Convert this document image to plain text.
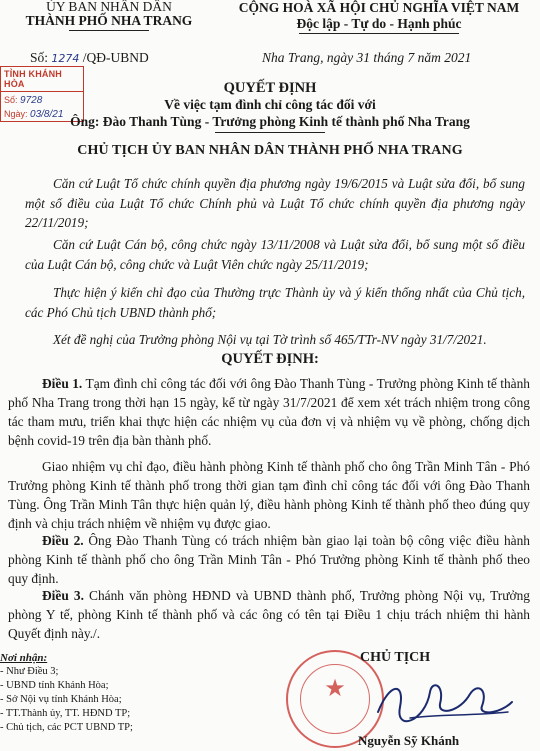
ỦY BAN NHÂN DÂN
THÀNH PHỐ NHA TRANG
CỘNG HOÀ XÃ HỘI CHỦ NGHĨA VIỆT NAM
Độc lập - Tự do - Hạnh phúc
Số: 1274 /QĐ-UBND	Nha Trang, ngày 31 tháng 7 năm 2021
TỈNH KHÁNH HÒA
Số: 9728
Ngày: 03/8/21
QUYẾT ĐỊNH
Về việc tạm đình chỉ công tác đối với
Ông: Đào Thanh Tùng - Trưởng phòng Kinh tế thành phố Nha Trang
CHỦ TỊCH ỦY BAN NHÂN DÂN THÀNH PHỐ NHA TRANG
Căn cứ Luật Tổ chức chính quyền địa phương ngày 19/6/2015 và Luật sửa đổi, bổ sung một số điều của Luật Tổ chức Chính phủ và Luật Tổ chức chính quyền địa phương ngày 22/11/2019;
Căn cứ Luật Cán bộ, công chức ngày 13/11/2008 và Luật sửa đổi, bổ sung một số điều của Luật Cán bộ, công chức và Luật Viên chức ngày 25/11/2019;
Thực hiện ý kiến chỉ đạo của Thường trực Thành ủy và ý kiến thống nhất của Chủ tịch, các Phó Chủ tịch UBND thành phố;
Xét đề nghị của Trưởng phòng Nội vụ tại Tờ trình số 465/TTr-NV ngày 31/7/2021.
QUYẾT ĐỊNH:
Điều 1. Tạm đình chỉ công tác đối với ông Đào Thanh Tùng - Trưởng phòng Kinh tế thành phố Nha Trang trong thời hạn 15 ngày, kể từ ngày 31/7/2021 để xem xét trách nhiệm trong công tác tham mưu, triển khai thực hiện các nhiệm vụ của đơn vị và nhiệm vụ về phòng, chống dịch bệnh covid-19 trên địa bàn thành phố.
Giao nhiệm vụ chỉ đạo, điều hành phòng Kinh tế thành phố cho ông Trần Minh Tân - Phó Trưởng phòng Kinh tế thành phố trong thời gian tạm đình chỉ công tác đối với ông Đào Thanh Tùng. Ông Trần Minh Tân thực hiện quản lý, điều hành phòng Kinh tế thành phố theo đúng quy định và chịu trách nhiệm về nhiệm vụ được giao.
Điều 2. Ông Đào Thanh Tùng có trách nhiệm bàn giao lại toàn bộ công việc điều hành phòng Kinh tế thành phố cho ông Trần Minh Tân - Phó Trưởng phòng Kinh tế thành phố theo quy định.
Điều 3. Chánh văn phòng HĐND và UBND thành phố, Trưởng phòng Nội vụ, Trưởng phòng Y tế, phòng Kinh tế thành phố và các ông có tên tại Điều 1 chịu trách nhiệm thi hành Quyết định này./.
Nơi nhận:
- Như Điều 3;
- UBND tỉnh Khánh Hòa;
- Sở Nội vụ tỉnh Khánh Hòa;
- TT.Thành ủy, TT. HĐND TP;
- Chủ tịch, các PCT UBND TP;
★
CHỦ TỊCH
Nguyễn Sỹ Khánh
